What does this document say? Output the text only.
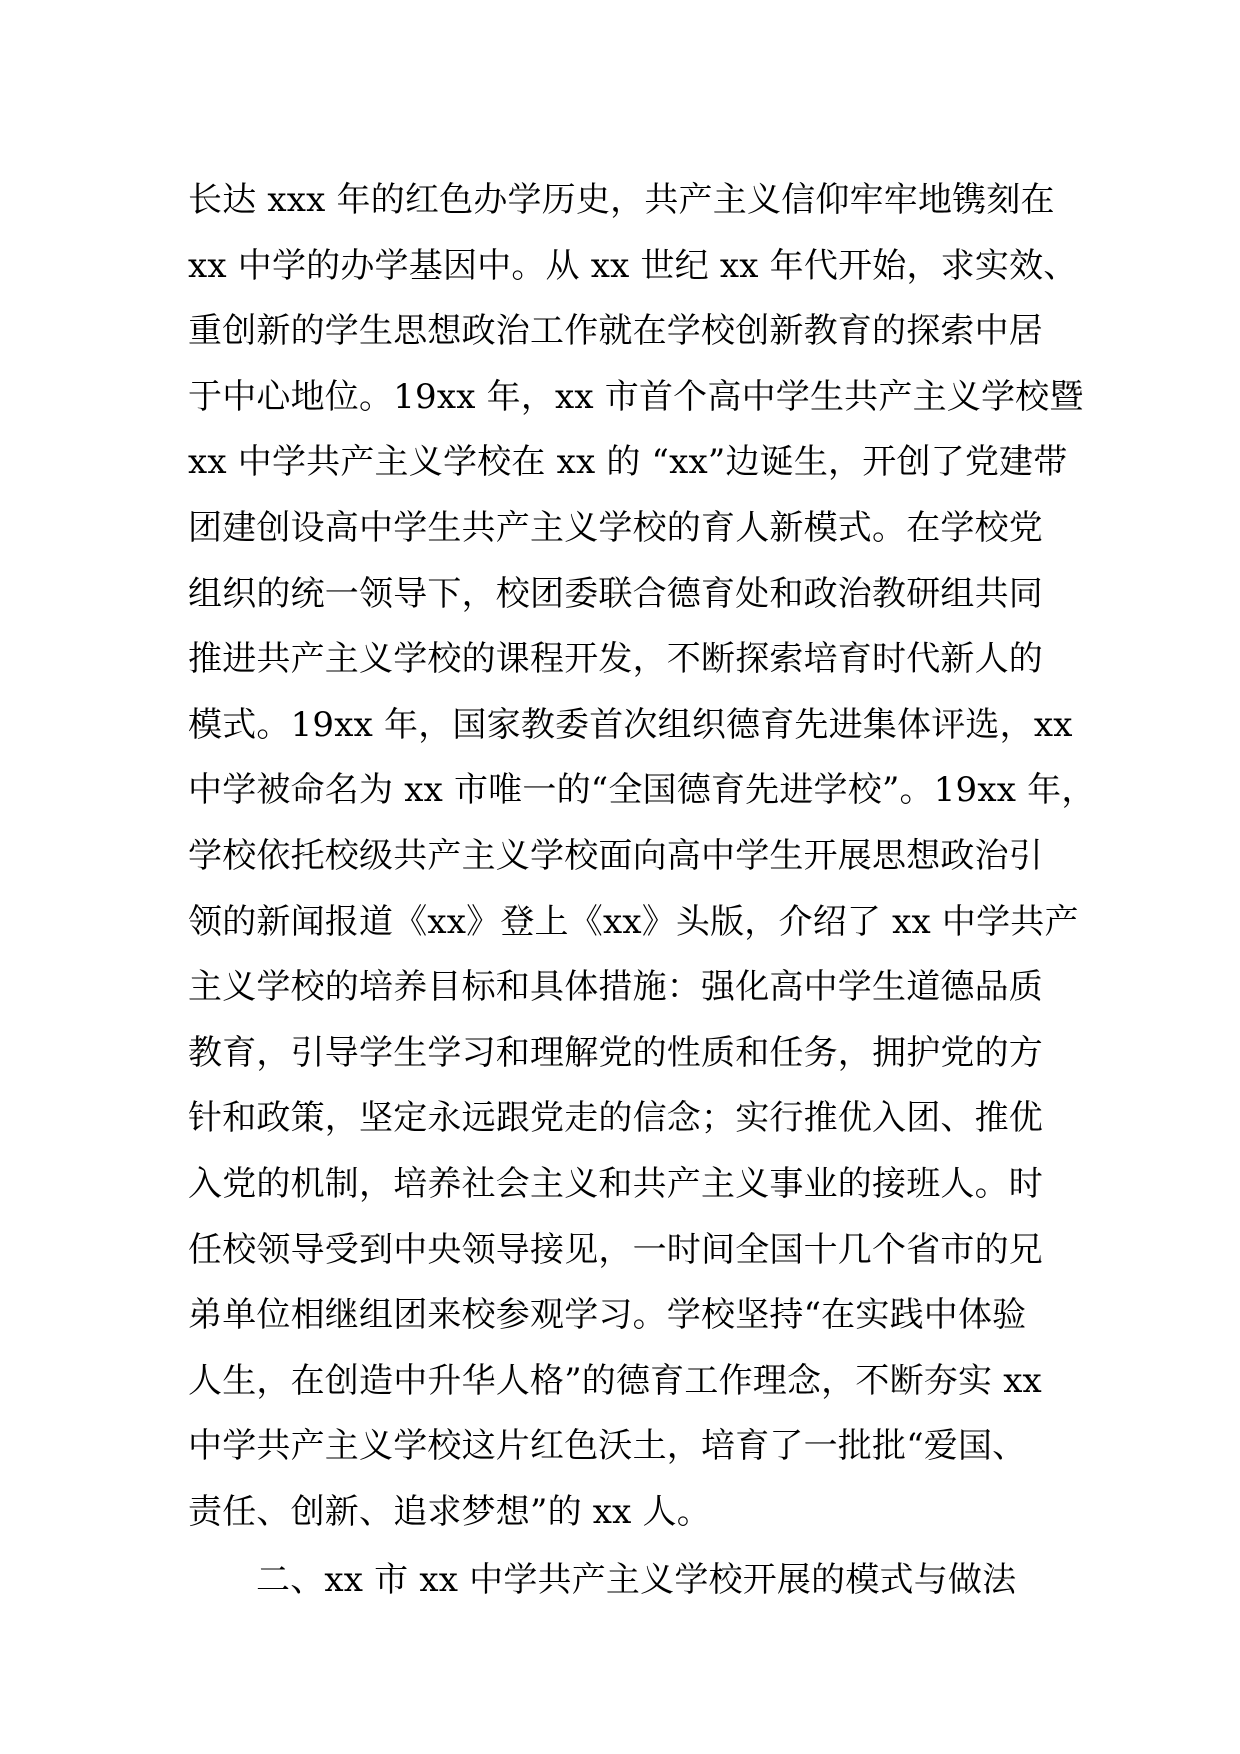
长达 xxx 年的红色办学历史，共产主义信仰牢牢地镌刻在
xx 中学的办学基因中。从 xx 世纪 xx 年代开始，求实效、
重创新的学生思想政治工作就在学校创新教育的探索中居
于中心地位。19xx 年，xx 市首个高中学生共产主义学校暨
xx 中学共产主义学校在 xx 的 “xx”边诞生，开创了党建带
团建创设高中学生共产主义学校的育人新模式。在学校党
组织的统一领导下，校团委联合德育处和政治教研组共同
推进共产主义学校的课程开发，不断探索培育时代新人的
模式。19xx 年，国家教委首次组织德育先进集体评选，xx
中学被命名为 xx 市唯一的“全国德育先进学校”。19xx 年，
学校依托校级共产主义学校面向高中学生开展思想政治引
领的新闻报道《xx》登上《xx》头版，介绍了 xx 中学共产
主义学校的培养目标和具体措施：强化高中学生道德品质
教育，引导学生学习和理解党的性质和任务，拥护党的方
针和政策，坚定永远跟党走的信念；实行推优入团、推优
入党的机制，培养社会主义和共产主义事业的接班人。时
任校领导受到中央领导接见，一时间全国十几个省市的兄
弟单位相继组团来校参观学习。学校坚持“在实践中体验
人生，在创造中升华人格”的德育工作理念，不断夯实 xx
中学共产主义学校这片红色沃土，培育了一批批“爱国、
责任、创新、追求梦想”的 xx 人。
二、xx 市 xx 中学共产主义学校开展的模式与做法
